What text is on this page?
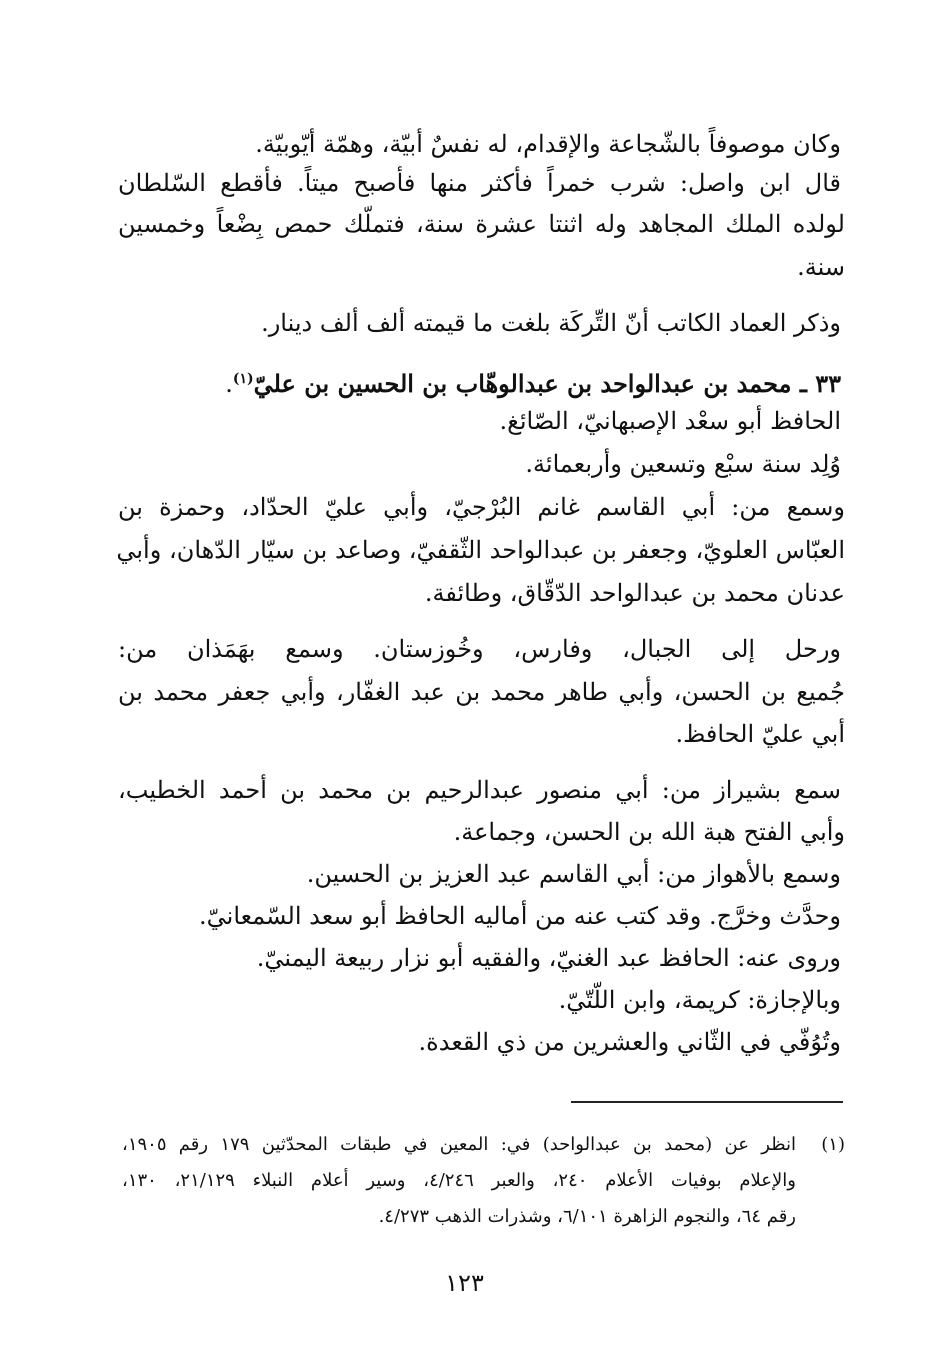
وكان موصوفاً بالشّجاعة والإقدام، له نفسٌ أبيّة، وهمّة أيّوبيّة.
قال ابن واصل: شرب خمراً فأكثر منها فأصبح ميتاً. فأقطع السّلطان
لولده الملك المجاهد وله اثنتا عشرة سنة، فتملّك حمص بِضْعاً وخمسين
سنة.
وذكر العماد الكاتب أنّ التِّركَة بلغت ما قيمته ألف ألف دينار.
٣٣ ـ محمد بن عبدالواحد بن عبدالوهّاب بن الحسين بن عليّ$^{(١)}$.
الحافظ أبو سعْد الإصبهانيّ، الصّائغ.
وُلِد سنة سبْع وتسعين وأربعمائة.
وسمع من: أبي القاسم غانم البُرْجيّ، وأبي عليّ الحدّاد، وحمزة بن
العبّاس العلويّ، وجعفر بن عبدالواحد الثّقفيّ، وصاعد بن سيّار الدّهان، وأبي
عدنان محمد بن عبدالواحد الدّقّاق، وطائفة.
ورحل إلى الجبال، وفارس، وخُوزستان. وسمع بهَمَذان من:
جُميع بن الحسن، وأبي طاهر محمد بن عبد الغفّار، وأبي جعفر محمد بن
أبي عليّ الحافظ.
سمع بشيراز من: أبي منصور عبدالرحيم بن محمد بن أحمد الخطيب،
وأبي الفتح هبة الله بن الحسن، وجماعة.
وسمع بالأهواز من: أبي القاسم عبد العزيز بن الحسين.
وحدَّث وخرَّج. وقد كتب عنه من أماليه الحافظ أبو سعد السّمعانيّ.
وروى عنه: الحافظ عبد الغنيّ، والفقيه أبو نزار ربيعة اليمنيّ.
وبالإجازة: كريمة، وابن اللّتّيّ.
وتُوُفّي في الثّاني والعشرين من ذي القعدة.
(١)
انظر عن (محمد بن عبدالواحد) في: المعين في طبقات المحدّثين ١٧٩ رقم ١٩٠٥،
والإعلام بوفيات الأعلام ٢٤٠، والعبر ٤/٢٤٦، وسير أعلام النبلاء ٢١/١٢٩، ١٣٠،
رقم ٦٤، والنجوم الزاهرة ٦/١٠١، وشذرات الذهب ٤/٢٧٣.
١٢٣
